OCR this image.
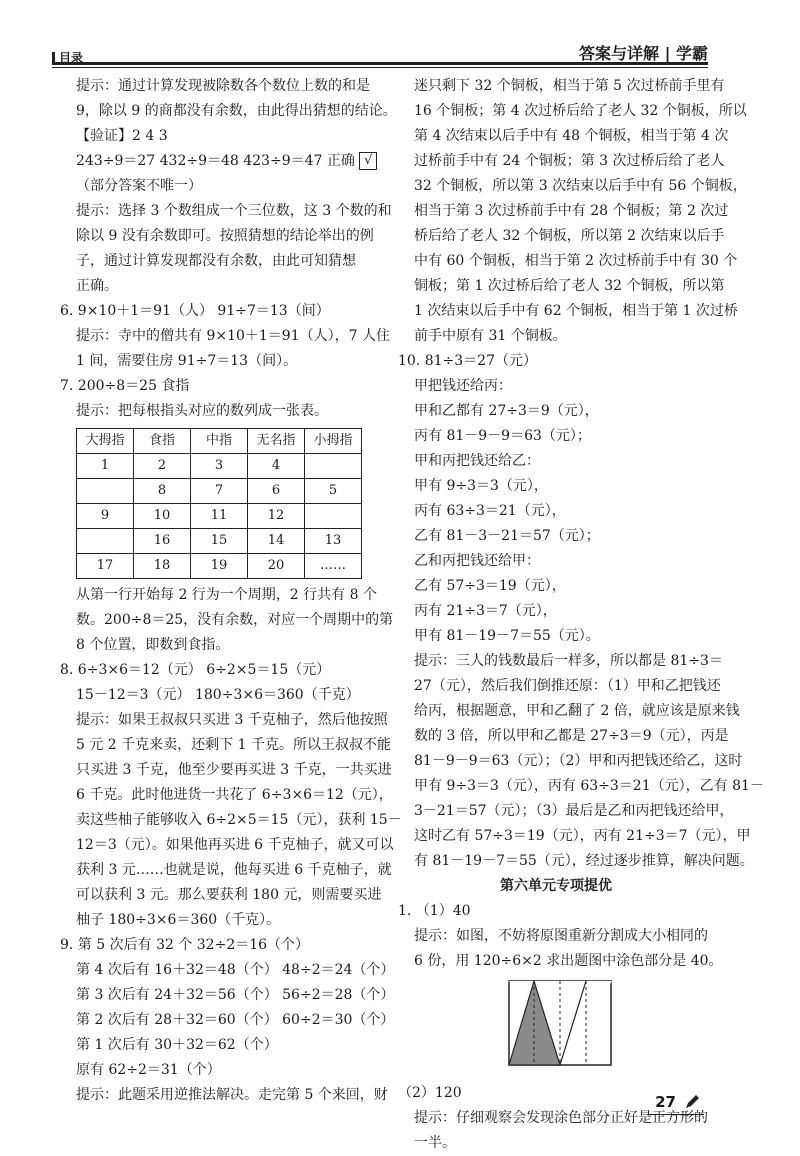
目录	答案与详解 | 学霸

提示：通过计算发现被除数各个数位上数的和是

9，除以 9 的商都没有余数，由此得出猜想的结论。

【验证】2 4 3

243÷9＝27 432÷9＝48 423÷9＝47 正确 √

（部分答案不唯一）

提示：选择 3 个数组成一个三位数，这 3 个数的和

除以 9 没有余数即可。按照猜想的结论举出的例

子，通过计算发现都没有余数，由此可知猜想

正确。

6. 9×10＋1＝91（人） 91÷7＝13（间）

提示：寺中的僧共有 9×10＋1＝91（人），7 人住

1 间，需要住房 91÷7＝13（间）。

7. 200÷8＝25 食指

提示：把每根指头对应的数列成一张表。

大拇指	食指	中指	无名指	小拇指
1	2	3	4	
	8	7	6	5
9	10	11	12	
	16	15	14	13
17	18	19	20	……

从第一行开始每 2 行为一个周期，2 行共有 8 个

数。200÷8＝25，没有余数，对应一个周期中的第

8 个位置，即数到食指。

8. 6÷3×6＝12（元） 6÷2×5＝15（元）

15－12＝3（元） 180÷3×6＝360（千克）

提示：如果王叔叔只买进 3 千克柚子，然后他按照

5 元 2 千克来卖，还剩下 1 千克。所以王叔叔不能

只买进 3 千克，他至少要再买进 3 千克，一共买进

6 千克。此时他进货一共花了 6÷3×6＝12（元），

卖这些柚子能够收入 6÷2×5＝15（元），获利 15－

12＝3（元）。如果他再买进 6 千克柚子，就又可以

获利 3 元……也就是说，他每买进 6 千克柚子，就

可以获利 3 元。那么要获利 180 元，则需要买进

柚子 180÷3×6＝360（千克）。

9. 第 5 次后有 32 个 32÷2＝16（个）

第 4 次后有 16＋32＝48（个） 48÷2＝24（个）

第 3 次后有 24＋32＝56（个） 56÷2＝28（个）

第 2 次后有 28＋32＝60（个） 60÷2＝30（个）

第 1 次后有 30＋32＝62（个）

原有 62÷2＝31（个）

提示：此题采用逆推法解决。走完第 5 个来回，财

迷只剩下 32 个铜板，相当于第 5 次过桥前手里有

16 个铜板；第 4 次过桥后给了老人 32 个铜板，所以

第 4 次结束以后手中有 48 个铜板，相当于第 4 次

过桥前手中有 24 个铜板；第 3 次过桥后给了老人

32 个铜板，所以第 3 次结束以后手中有 56 个铜板，

相当于第 3 次过桥前手中有 28 个铜板；第 2 次过

桥后给了老人 32 个铜板，所以第 2 次结束以后手

中有 60 个铜板，相当于第 2 次过桥前手中有 30 个

铜板；第 1 次过桥后给了老人 32 个铜板，所以第

1 次结束以后手中有 62 个铜板，相当于第 1 次过桥

前手中原有 31 个铜板。

10. 81÷3＝27（元）

甲把钱还给丙：

甲和乙都有 27÷3＝9（元），

丙有 81－9－9＝63（元）；

甲和丙把钱还给乙：

甲有 9÷3＝3（元），

丙有 63÷3＝21（元），

乙有 81－3－21＝57（元）；

乙和丙把钱还给甲：

乙有 57÷3＝19（元），

丙有 21÷3＝7（元），

甲有 81－19－7＝55（元）。

提示：三人的钱数最后一样多，所以都是 81÷3＝

27（元），然后我们倒推还原：（1）甲和乙把钱还

给丙，根据题意，甲和乙翻了 2 倍，就应该是原来钱

数的 3 倍，所以甲和乙都是 27÷3＝9（元），丙是

81－9－9＝63（元）；（2）甲和丙把钱还给乙，这时

甲有 9÷3＝3（元），丙有 63÷3＝21（元），乙有 81－

3－21＝57（元）；（3）最后是乙和丙把钱还给甲，

这时乙有 57÷3＝19（元），丙有 21÷3＝7（元），甲

有 81－19－7＝55（元），经过逐步推算，解决问题。

第六单元专项提优

1. （1）40

提示：如图，不妨将原图重新分割成大小相同的

6 份，用 120÷6×2 求出题图中涂色部分是 40。

（2）120

提示：仔细观察会发现涂色部分正好是正方形的

一半。

27
